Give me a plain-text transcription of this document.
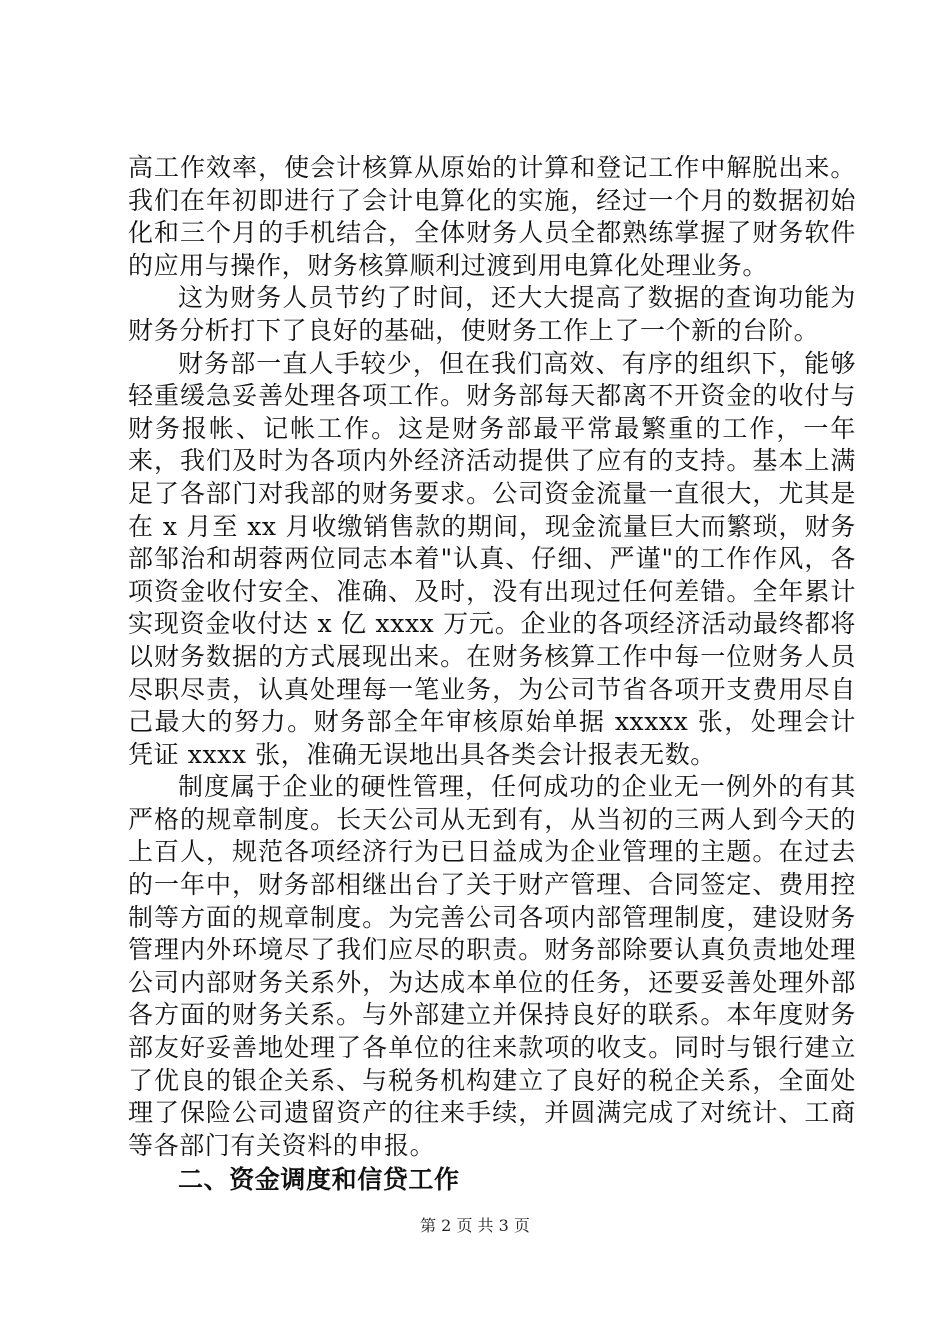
高工作效率，使会计核算从原始的计算和登记工作中解脱出来。我们在年初即进行了会计电算化的实施，经过一个月的数据初始化和三个月的手机结合，全体财务人员全都熟练掌握了财务软件的应用与操作，财务核算顺利过渡到用电算化处理业务。

这为财务人员节约了时间，还大大提高了数据的查询功能为财务分析打下了良好的基础，使财务工作上了一个新的台阶。

财务部一直人手较少，但在我们高效、有序的组织下，能够轻重缓急妥善处理各项工作。财务部每天都离不开资金的收付与财务报帐、记帐工作。这是财务部最平常最繁重的工作，一年来，我们及时为各项内外经济活动提供了应有的支持。基本上满足了各部门对我部的财务要求。公司资金流量一直很大，尤其是在 x 月至 xx 月收缴销售款的期间，现金流量巨大而繁琐，财务部邹治和胡蓉两位同志本着"认真、仔细、严谨"的工作作风，各项资金收付安全、准确、及时，没有出现过任何差错。全年累计实现资金收付达 x 亿 xxxx 万元。企业的各项经济活动最终都将以财务数据的方式展现出来。在财务核算工作中每一位财务人员尽职尽责，认真处理每一笔业务，为公司节省各项开支费用尽自己最大的努力。财务部全年审核原始单据 xxxxx 张，处理会计凭证 xxxx 张，准确无误地出具各类会计报表无数。

制度属于企业的硬性管理，任何成功的企业无一例外的有其严格的规章制度。长天公司从无到有，从当初的三两人到今天的上百人，规范各项经济行为已日益成为企业管理的主题。在过去的一年中，财务部相继出台了关于财产管理、合同签定、费用控制等方面的规章制度。为完善公司各项内部管理制度，建设财务管理内外环境尽了我们应尽的职责。财务部除要认真负责地处理公司内部财务关系外，为达成本单位的任务，还要妥善处理外部各方面的财务关系。与外部建立并保持良好的联系。本年度财务部友好妥善地处理了各单位的往来款项的收支。同时与银行建立了优良的银企关系、与税务机构建立了良好的税企关系，全面处理了保险公司遗留资产的往来手续，并圆满完成了对统计、工商等各部门有关资料的申报。

二、资金调度和信贷工作
第 2 页 共 3 页
